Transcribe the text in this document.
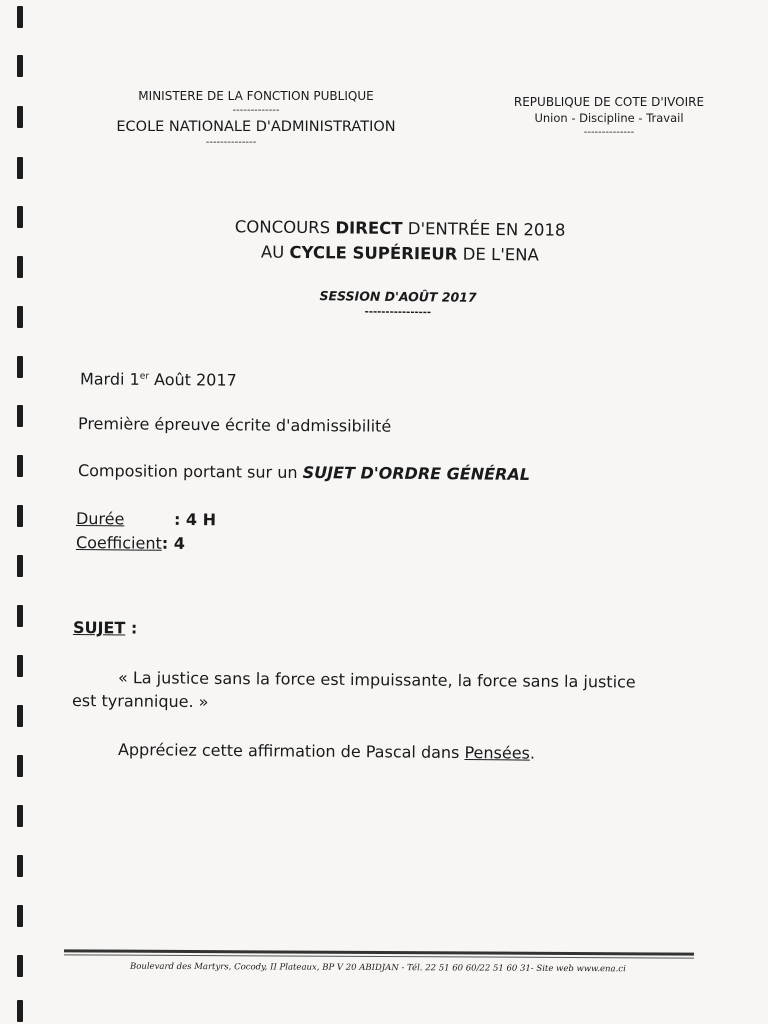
MINISTERE DE LA FONCTION PUBLIQUE
-------------
ECOLE NATIONALE D'ADMINISTRATION
--------------
REPUBLIQUE DE COTE D'IVOIRE
Union - Discipline - Travail
--------------
CONCOURS DIRECT D'ENTRÉE EN 2018
AU CYCLE SUPÉRIEUR DE L'ENA
SESSION D'AOÛT 2017
----------------
Mardi 1er Août 2017
Première épreuve écrite d'admissibilité
Composition portant sur un SUJET D'ORDRE GÉNÉRAL
Durée	: 4 H
Coefficient: 4
SUJET :
« La justice sans la force est impuissante, la force sans la justice
est tyrannique. »
Appréciez cette affirmation de Pascal dans Pensées.
Boulevard des Martyrs, Cocody, II Plateaux, BP V 20 ABIDJAN - Tél. 22 51 60 60/22 51 60 31- Site web www.ena.ci
